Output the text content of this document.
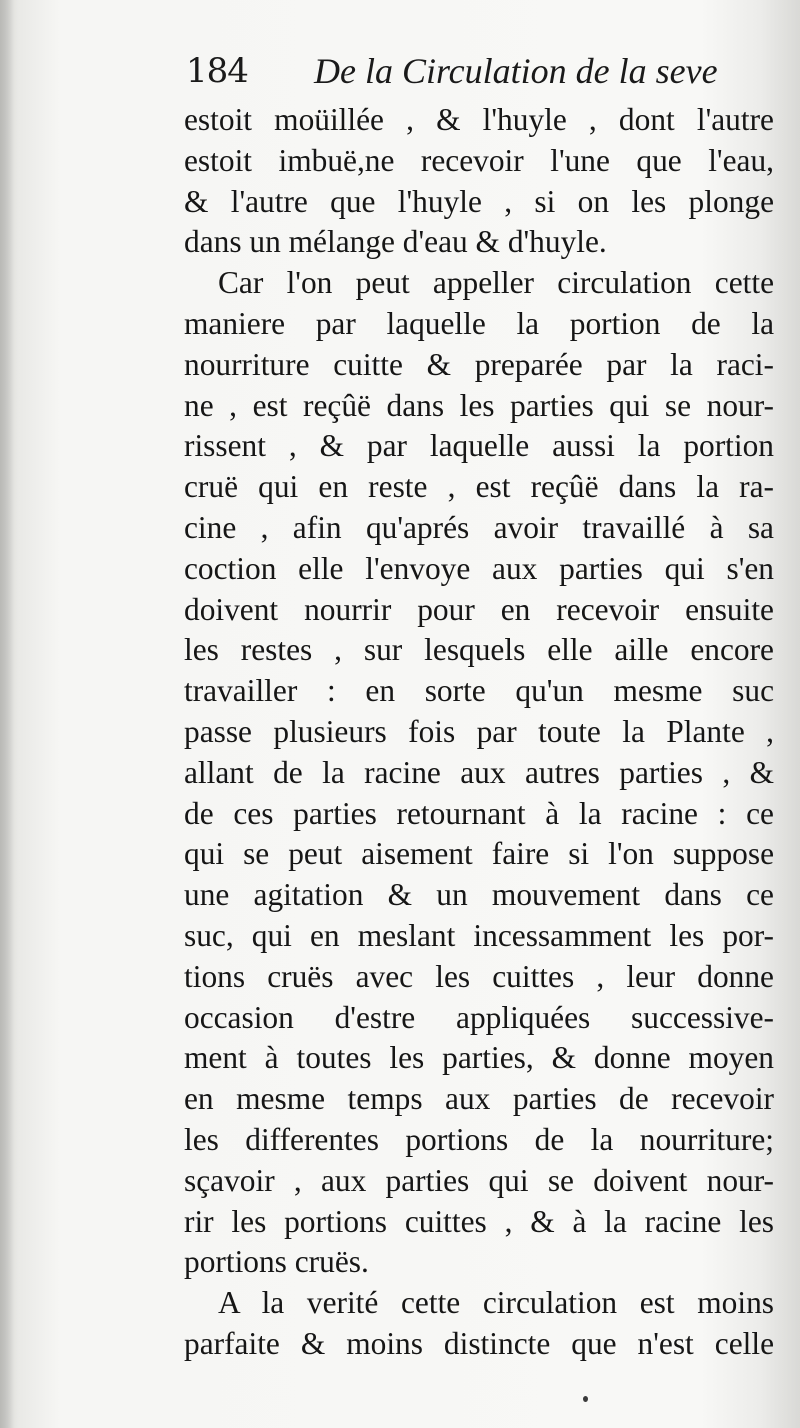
184 De la Circulation de la seve
estoit moüillée , & l'huyle , dont l'autre
estoit imbuë,ne recevoir l'une que l'eau,
& l'autre que l'huyle , si on les plonge
dans un mélange d'eau & d'huyle.
Car l'on peut appeller circulation cette
maniere par laquelle la portion de la
nourriture cuitte & preparée par la raci-
ne , est reçûë dans les parties qui se nour-
rissent , & par laquelle aussi la portion
cruë qui en reste , est reçûë dans la ra-
cine , afin qu'aprés avoir travaillé à sa
coction elle l'envoye aux parties qui s'en
doivent nourrir pour en recevoir ensuite
les restes , sur lesquels elle aille encore
travailler : en sorte qu'un mesme suc
passe plusieurs fois par toute la Plante ,
allant de la racine aux autres parties , &
de ces parties retournant à la racine : ce
qui se peut aisement faire si l'on suppose
une agitation & un mouvement dans ce
suc, qui en meslant incessamment les por-
tions cruës avec les cuittes , leur donne
occasion d'estre appliquées successive-
ment à toutes les parties, & donne moyen
en mesme temps aux parties de recevoir
les differentes portions de la nourriture;
sçavoir , aux parties qui se doivent nour-
rir les portions cuittes , & à la racine les
portions cruës.
A la verité cette circulation est moins
parfaite & moins distincte que n'est celle
